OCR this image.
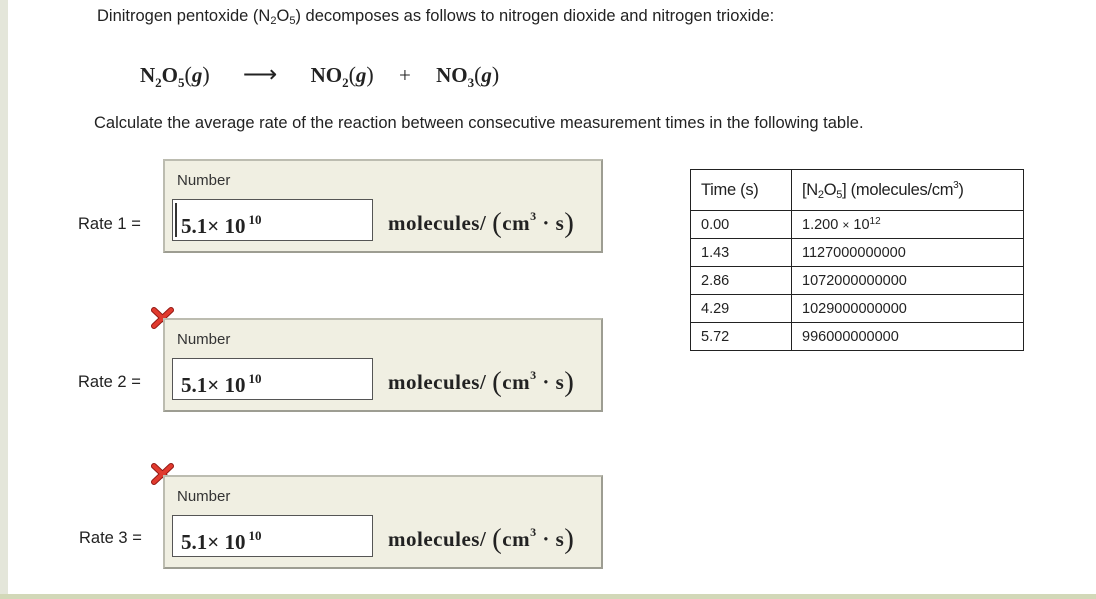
Dinitrogen pentoxide $(N_2O_5)$ decomposes as follows to nitrogen dioxide and nitrogen trioxide:
$N_2O_5(g)$ ⟶ $NO_2(g) + NO_3(g)$
Calculate the average rate of the reaction between consecutive measurement times in the following table.
Rate 1 =
Number
5.1× 10 $^{10}$	molecules/ $(cm^3 \cdot s)$
Rate 2 =
Number
5.1× 10 $^{10}$	molecules/ $(cm^3 \cdot s)$
Rate 3 =
Number
5.1× 10 $^{10}$	molecules/ $(cm^3 \cdot s)$
Time (s)	$[N_2O_5]$ $(molecules/cm^3)$
0.00	$1.200 \times 10^{12}$
1.43	1127000000000
2.86	1072000000000
4.29	1029000000000
5.72	996000000000
